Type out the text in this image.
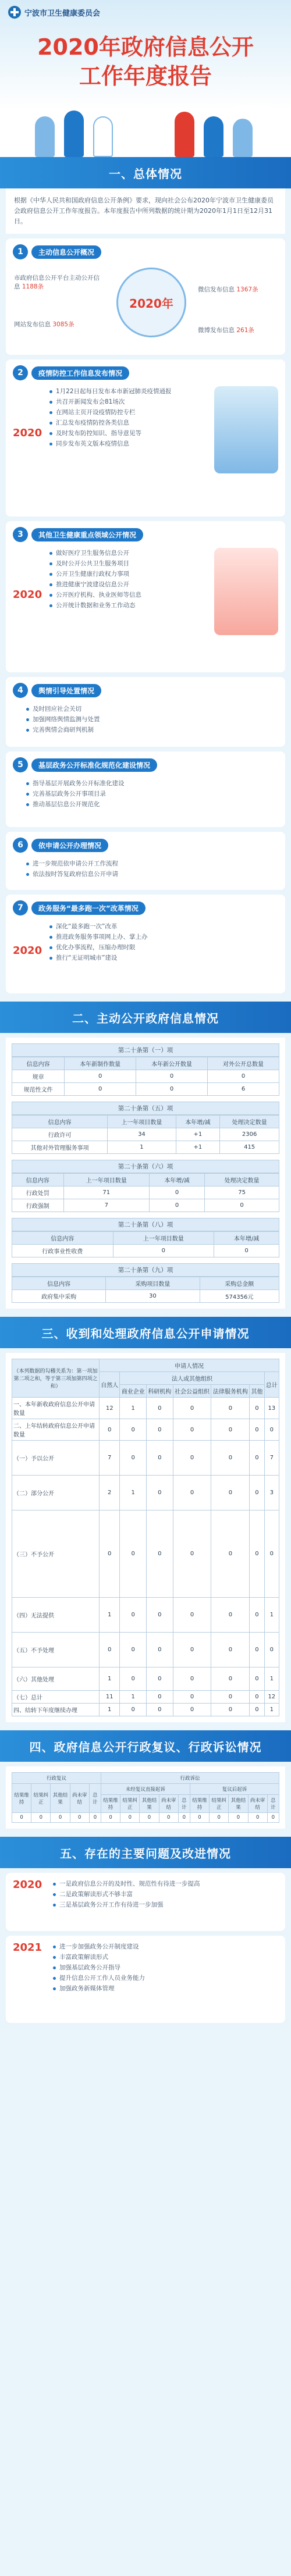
宁波市卫生健康委员会
2020年政府信息公开
工作年度报告
一、总体情况
根据《中华人民共和国政府信息公开条例》要求，现向社会公布2020年宁波市卫生健康委员会政府信息公开工作年度报告。本年度报告中所列数据的统计期为2020年1月1日至12月31日。
1	主动信息公开概况
2020年
市政府信息公开平台主动公开信息 1188条
网站发布信息 3085条
微信发布信息 1367条
微博发布信息 261条
2	疫情防控工作信息发布情况
2020
1月22日起每日发布本市新冠肺炎疫情通报
共召开新闻发布会81场次
在网站主页开设疫情防控专栏
汇总发布疫情防控各类信息
及时发布防控知识、指导意见等
同步发布英文版本疫情信息
3	其他卫生健康重点领域公开情况
2020
做好医疗卫生服务信息公开
及时公开公共卫生服务项目
公开卫生健康行政权力事项
推进健康宁波建设信息公开
公开医疗机构、执业医师等信息
公开统计数据和业务工作动态
4	舆情引导处置情况
及时回应社会关切
加强网络舆情监测与处置
完善舆情会商研判机制
5	基层政务公开标准化规范化建设情况
指导基层开展政务公开标准化建设
完善基层政务公开事项目录
推动基层信息公开规范化
6	依申请公开办理情况
进一步规范依申请公开工作流程
依法按时答复政府信息公开申请
7	政务服务“最多跑一次”改革情况
2020
深化“最多跑一次”改革
推进政务服务事项网上办、掌上办
优化办事流程，压缩办理时限
推行“无证明城市”建设
二、主动公开政府信息情况
第二十条第（一）项
信息内容	本年新制作数量	本年新公开数量	对外公开总数量
规章	0	0	0
规范性文件	0	0	6
第二十条第（五）项
信息内容	上一年项目数量	本年增/减	处理决定数量
行政许可	34	+1	2306
其他对外管理服务事项	1	+1	415
第二十条第（六）项
信息内容	上一年项目数量	本年增/减	处理决定数量
行政处罚	71	0	75
行政强制	7	0	0
第二十条第（八）项
信息内容	上一年项目数量	本年增/减
行政事业性收费	0	0
第二十条第（九）项
信息内容	采购项目数量	采购总金额
政府集中采购	30	574356元
三、收到和处理政府信息公开申请情况
（本列数据的勾稽关系为：第一项加第二项之和，等于第三项加第四项之和）	申请人情况						
	自然人	法人或其他组织					总计
		商业企业	科研机构	社会公益组织	法律服务机构	其他	
一、本年新收政府信息公开申请数量	12	1	0	0	0	0	13
二、上年结转政府信息公开申请数量	0	0	0	0	0	0	0
（一）予以公开	7	0	0	0	0	0	7
（二）部分公开	2	1	0	0	0	0	3
（三）不予公开	0	0	0	0	0	0	0
（四）无法提供	1	0	0	0	0	0	1
（五）不予处理	0	0	0	0	0	0	0
（六）其他处理	1	0	0	0	0	0	1
（七）总计	11	1	0	0	0	0	12
四、结转下年度继续办理	1	0	0	0	0	0	1
四、政府信息公开行政复议、行政诉讼情况
行政复议					行政诉讼									
结果维持	结果纠正	其他结果	尚未审结	总计	未经复议直接起诉					复议后起诉				
					结果维持	结果纠正	其他结果	尚未审结	总计	结果维持	结果纠正	其他结果	尚未审结	总计
0	0	0	0	0	0	0	0	0	0	0	0	0	0	0
五、存在的主要问题及改进情况
2020	一是政府信息公开的及时性、规范性有待进一步提高
二是政策解读形式不够丰富
三是基层政务公开工作有待进一步加强
2021	进一步加强政务公开制度建设
丰富政策解读形式
加强基层政务公开指导
提升信息公开工作人员业务能力
加强政务新媒体管理
